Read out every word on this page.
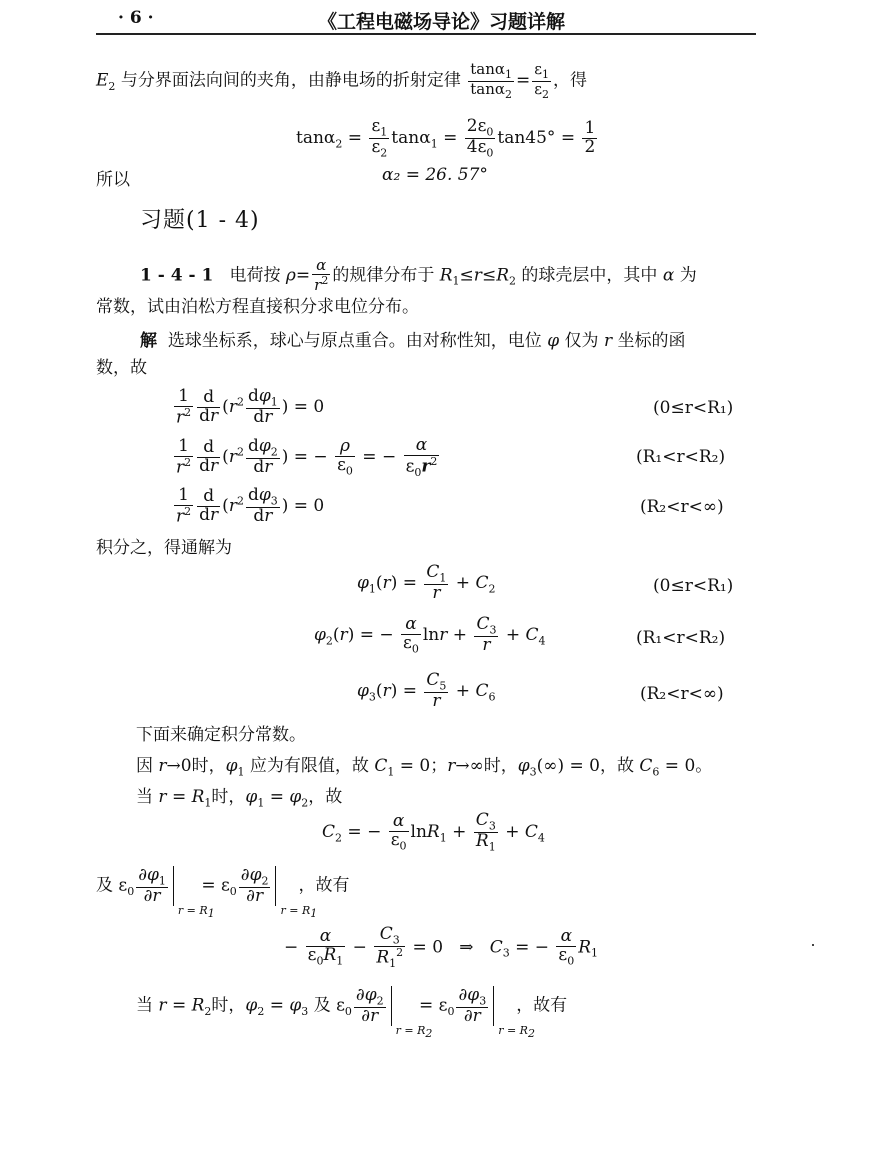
· 6 ·	《工程电磁场导论》习题详解
$E_2$ 与分界面法向间的夹角，由静电场的折射定律 $\frac{\tan\alpha_1}{\tan\alpha_2} = \frac{\varepsilon_1}{\varepsilon_2}$ ，得
$\tan\alpha_2 = \frac{\varepsilon_1}{\varepsilon_2} \tan\alpha_1 = \frac{2\varepsilon_0}{4\varepsilon_0} \tan 45^\circ = \frac{1}{2}$
所以	α₂ = 26. 57°
习题(1 - 4)
1 - 4 - 1 电荷按 $\rho= \frac{\alpha}{r^2}$ 的规律分布于 $R_1\le r\le R_2$ 的球壳层中，其中 α 为
常数，试由泊松方程直接积分求电位分布。
解 选球坐标系，球心与原点重合。由对称性知，电位 φ 仅为 r 坐标的函
数，故
$\frac{1}{r^2} \frac{d}{dr} (r^2 \frac{d\varphi_1}{dr}$ ) = 0	(0≤r<R₁)
$\frac{1}{r^2} \frac{d}{dr} (r^2 \frac{d\varphi_2}{dr}$ ) = − $\frac{\rho}{\varepsilon_0}$ = − $\frac{\alpha}{\varepsilon_0r^2}$	(R₁<r<R₂)
$\frac{1}{r^2} \frac{d}{dr} (r^2 \frac{d\varphi_3}{dr}$ ) = 0	(R₂<r<∞)
积分之，得通解为
$\varphi_1(r) = \frac{C_1}{r} + C_2$	(0≤r<R₁)
$\varphi_2(r)$ = − $\frac{\alpha}{\varepsilon_0}$ $\ln r + \frac{C_3}{r} + C_4$	(R₁<r<R₂)
$\varphi_3(r) = \frac{C_5}{r} + C_6$	(R₂<r<∞)
下面来确定积分常数。
因 r→0时，$\varphi_1$ 应为有限值，故 $C_1 = 0$；r→∞时，$\varphi_3(\infty) = 0$，故 $C_6 = 0$。
当 $r = R_1$时，$\varphi_1 = \varphi_2$，故
$C_2$ = − $\frac{\alpha}{\varepsilon_0} \ln R_1 + \frac{C_3}{R_1} + C_4$
及 $\varepsilon_0 \frac{\partial\varphi_1}{\partial r}$
$r = R_1$
= $\varepsilon_0 \frac{\partial\varphi_2}{\partial r}$
$r = R_1$
，故有
− $\frac{\alpha}{\varepsilon_0R_1} - \frac{C_3}{R_1^2} = 0$   ⇒   $C_3$ = − $\frac{\alpha}{\varepsilon_0} R_1$
当 $r = R_2$时，$\varphi_2 = \varphi_3$ 及 $\varepsilon_0 \frac{\partial\varphi_2}{\partial r}$
$r = R_2$
= $\varepsilon_0 \frac{\partial\varphi_3}{\partial r}$
$r = R_2$
，故有
